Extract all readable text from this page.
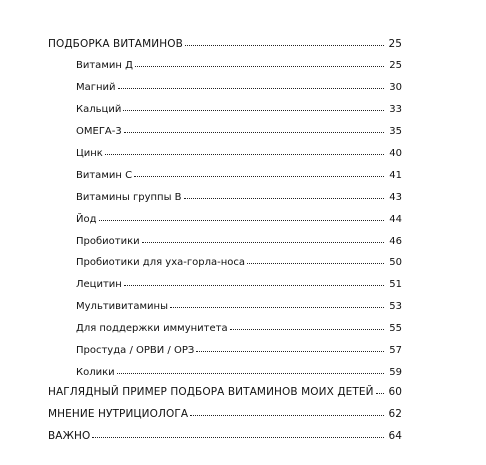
ПОДБОРКА ВИТАМИНОВ	25
Витамин Д	25
Магний	30
Кальций	33
ОМЕГА-3	35
Цинк	40
Витамин С	41
Витамины группы В	43
Йод	44
Пробиотики	46
Пробиотики для уха-горла-носа	50
Лецитин	51
Мультивитамины	53
Для поддержки иммунитета	55
Простуда / ОРВИ / ОРЗ	57
Колики	59
НАГЛЯДНЫЙ ПРИМЕР ПОДБОРА ВИТАМИНОВ МОИХ ДЕТЕЙ 60
МНЕНИЕ НУТРИЦИОЛОГА	62
ВАЖНО	64
